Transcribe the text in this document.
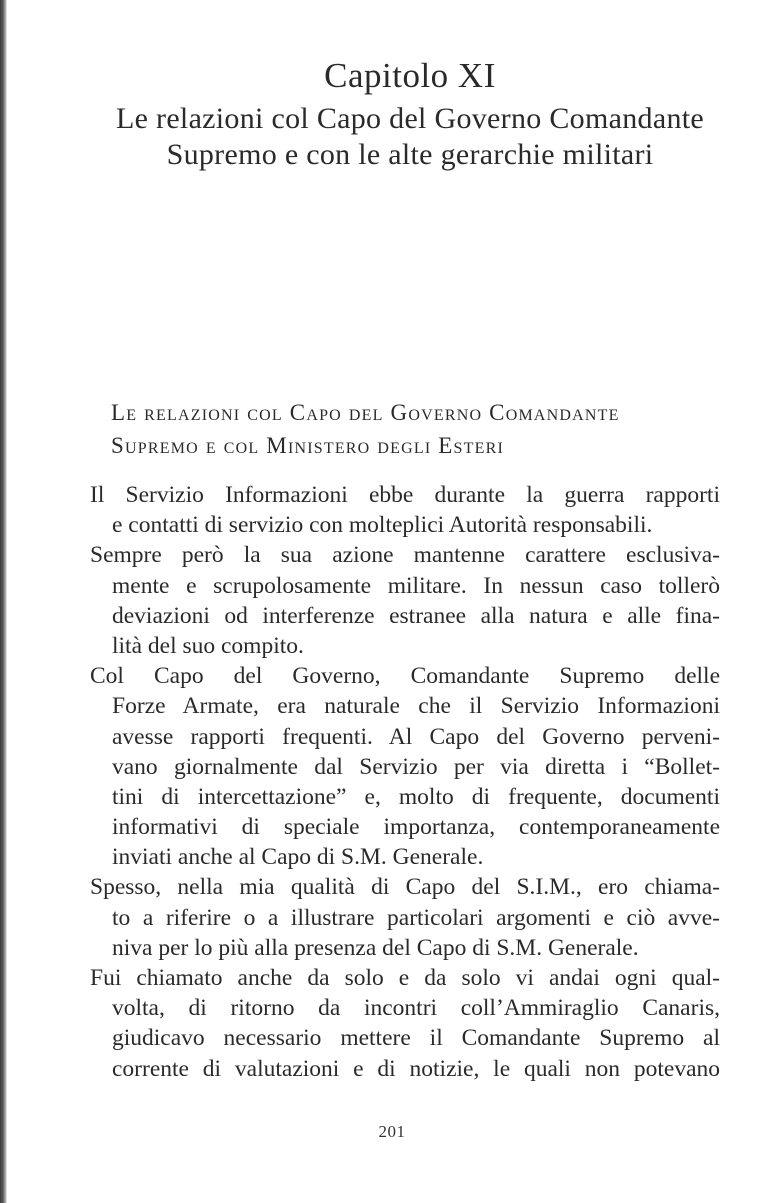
Capitolo XI
Le relazioni col Capo del Governo Comandante
Supremo e con le alte gerarchie militari
Le relazioni col Capo del Governo Comandante
Supremo e col Ministero degli Esteri
Il Servizio Informazioni ebbe durante la guerra rapporti
e contatti di servizio con molteplici Autorità responsabili.
Sempre però la sua azione mantenne carattere esclusiva-
mente e scrupolosamente militare. In nessun caso tollerò
deviazioni od interferenze estranee alla natura e alle fina-
lità del suo compito.
Col Capo del Governo, Comandante Supremo delle
Forze Armate, era naturale che il Servizio Informazioni
avesse rapporti frequenti. Al Capo del Governo perveni-
vano giornalmente dal Servizio per via diretta i “Bollet-
tini di intercettazione” e, molto di frequente, documenti
informativi di speciale importanza, contemporaneamente
inviati anche al Capo di S.M. Generale.
Spesso, nella mia qualità di Capo del S.I.M., ero chiama-
to a riferire o a illustrare particolari argomenti e ciò avve-
niva per lo più alla presenza del Capo di S.M. Generale.
Fui chiamato anche da solo e da solo vi andai ogni qual-
volta, di ritorno da incontri coll’Ammiraglio Canaris,
giudicavo necessario mettere il Comandante Supremo al
corrente di valutazioni e di notizie, le quali non potevano
201
